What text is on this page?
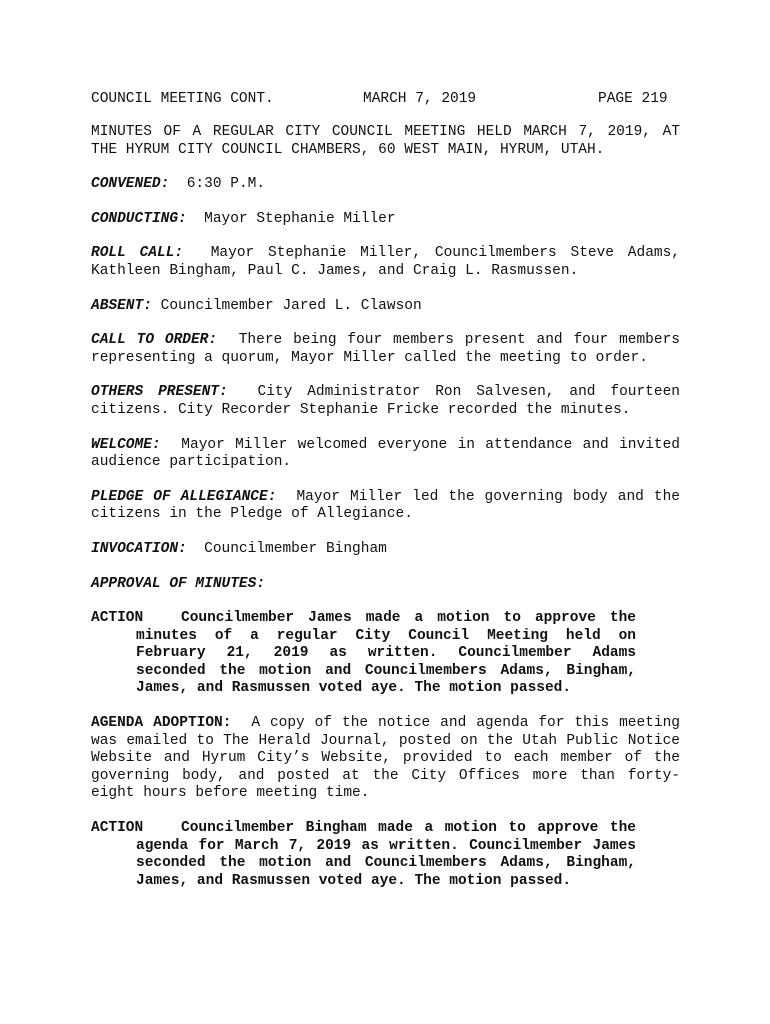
COUNCIL MEETING CONT.

	MARCH 7, 2019

	PAGE 219

MINUTES OF A REGULAR CITY COUNCIL MEETING HELD MARCH 7, 2019, AT THE HYRUM CITY COUNCIL CHAMBERS, 60 WEST MAIN, HYRUM, UTAH.

CONVENED: 6:30 P.M.

CONDUCTING: Mayor Stephanie Miller

ROLL CALL: Mayor Stephanie Miller, Councilmembers Steve Adams, Kathleen Bingham, Paul C. James, and Craig L. Rasmussen.

ABSENT: Councilmember Jared L. Clawson

CALL TO ORDER: There being four members present and four members representing a quorum, Mayor Miller called the meeting to order.

OTHERS PRESENT: City Administrator Ron Salvesen, and fourteen citizens. City Recorder Stephanie Fricke recorded the minutes.

WELCOME: Mayor Miller welcomed everyone in attendance and invited audience participation.

PLEDGE OF ALLEGIANCE: Mayor Miller led the governing body and the citizens in the Pledge of Allegiance.

INVOCATION: Councilmember Bingham

APPROVAL OF MINUTES:

ACTION	Councilmember James made a motion to approve the minutes of a regular City Council Meeting held on February 21, 2019 as written. Councilmember Adams seconded the motion and Councilmembers Adams, Bingham, James, and Rasmussen voted aye. The motion passed.

AGENDA ADOPTION: A copy of the notice and agenda for this meeting was emailed to The Herald Journal, posted on the Utah Public Notice Website and Hyrum City’s Website, provided to each member of the governing body, and posted at the City Offices more than forty-eight hours before meeting time.

ACTION	Councilmember Bingham made a motion to approve the agenda for March 7, 2019 as written. Councilmember James seconded the motion and Councilmembers Adams, Bingham, James, and Rasmussen voted aye. The motion passed.
